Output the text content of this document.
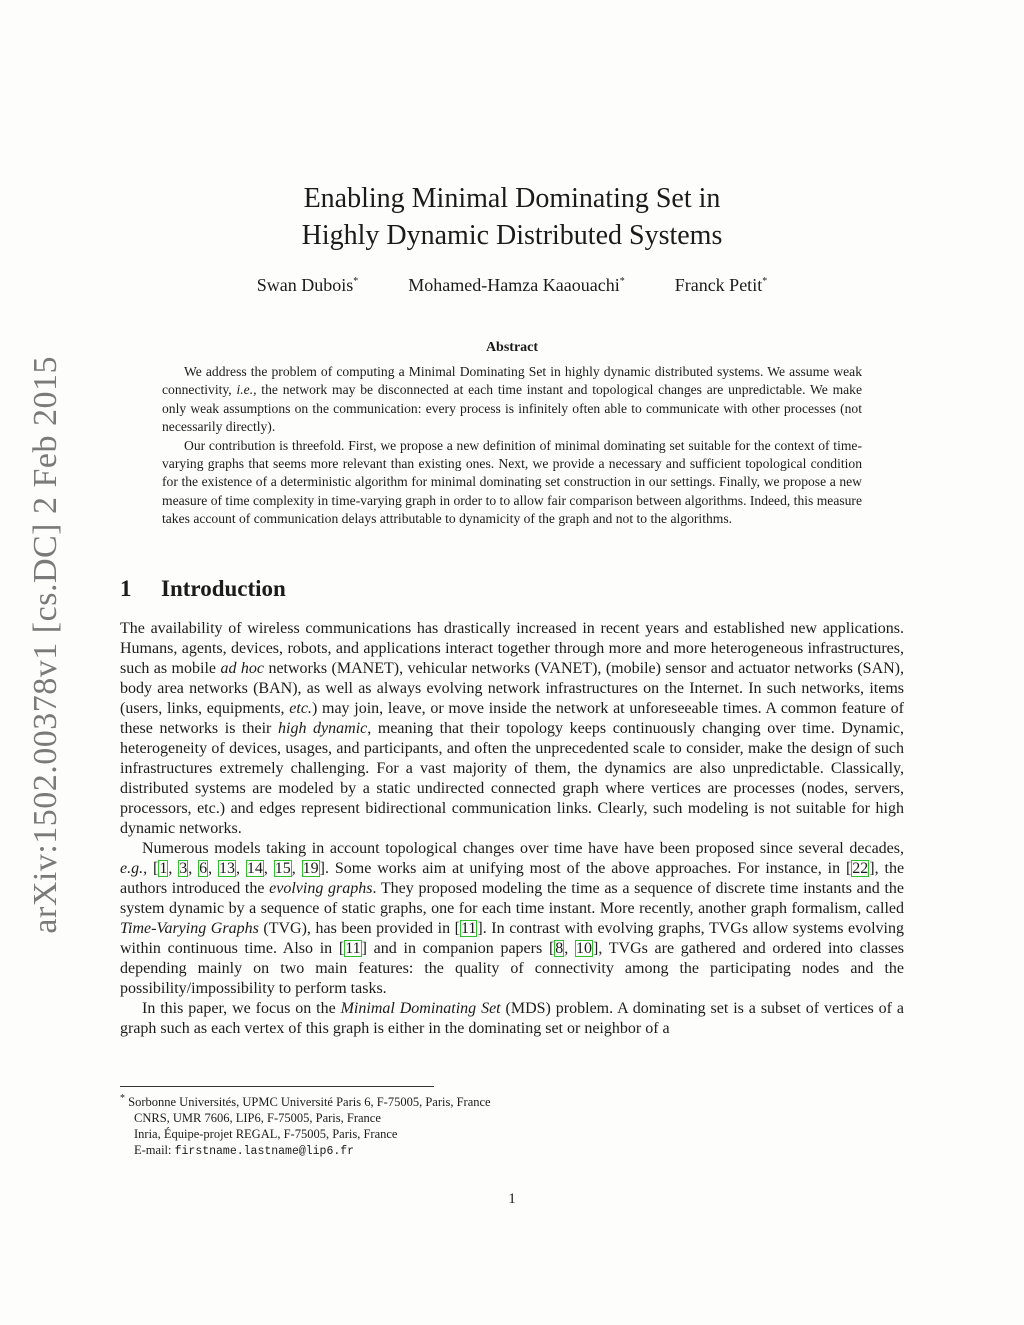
arXiv:1502.00378v1 [cs.DC] 2 Feb 2015
Enabling Minimal Dominating Set in
Highly Dynamic Distributed Systems
Swan Dubois*	Mohamed-Hamza Kaaouachi*	Franck Petit*
Abstract

We address the problem of computing a Minimal Dominating Set in highly dynamic distributed systems. We assume weak connectivity, i.e., the network may be disconnected at each time instant and topological changes are unpredictable. We make only weak assumptions on the communication: every process is infinitely often able to communicate with other processes (not necessarily directly).

Our contribution is threefold. First, we propose a new definition of minimal dominating set suitable for the context of time-varying graphs that seems more relevant than existing ones. Next, we provide a necessary and sufficient topological condition for the existence of a deterministic algorithm for minimal dominating set construction in our settings. Finally, we propose a new measure of time complexity in time-varying graph in order to to allow fair comparison between algorithms. Indeed, this measure takes account of communication delays attributable to dynamicity of the graph and not to the algorithms.

1 Introduction

The availability of wireless communications has drastically increased in recent years and established new applications. Humans, agents, devices, robots, and applications interact together through more and more heterogeneous infrastructures, such as mobile ad hoc networks (MANET), vehicular networks (VANET), (mobile) sensor and actuator networks (SAN), body area networks (BAN), as well as always evolving network infrastructures on the Internet. In such networks, items (users, links, equipments, etc.) may join, leave, or move inside the network at unforeseeable times. A common feature of these networks is their high dynamic, meaning that their topology keeps continuously changing over time. Dynamic, heterogeneity of devices, usages, and participants, and often the unprecedented scale to consider, make the design of such infrastructures extremely challenging. For a vast majority of them, the dynamics are also unpredictable. Classically, distributed systems are modeled by a static undirected connected graph where vertices are processes (nodes, servers, processors, etc.) and edges represent bidirectional communication links. Clearly, such modeling is not suitable for high dynamic networks.

Numerous models taking in account topological changes over time have have been proposed since several decades, e.g., [1, 3, 6, 13, 14, 15, 19]. Some works aim at unifying most of the above approaches. For instance, in [22], the authors introduced the evolving graphs. They proposed modeling the time as a sequence of discrete time instants and the system dynamic by a sequence of static graphs, one for each time instant. More recently, another graph formalism, called Time-Varying Graphs (TVG), has been provided in [11]. In contrast with evolving graphs, TVGs allow systems evolving within continuous time. Also in [11] and in companion papers [8, 10], TVGs are gathered and ordered into classes depending mainly on two main features: the quality of connectivity among the participating nodes and the possibility/impossibility to perform tasks.

In this paper, we focus on the Minimal Dominating Set (MDS) problem. A dominating set is a subset of vertices of a graph such as each vertex of this graph is either in the dominating set or neighbor of a

* Sorbonne Universités, UPMC Université Paris 6, F-75005, Paris, France
CNRS, UMR 7606, LIP6, F-75005, Paris, France
Inria, Équipe-projet REGAL, F-75005, Paris, France
E-mail: firstname.lastname@lip6.fr
1
